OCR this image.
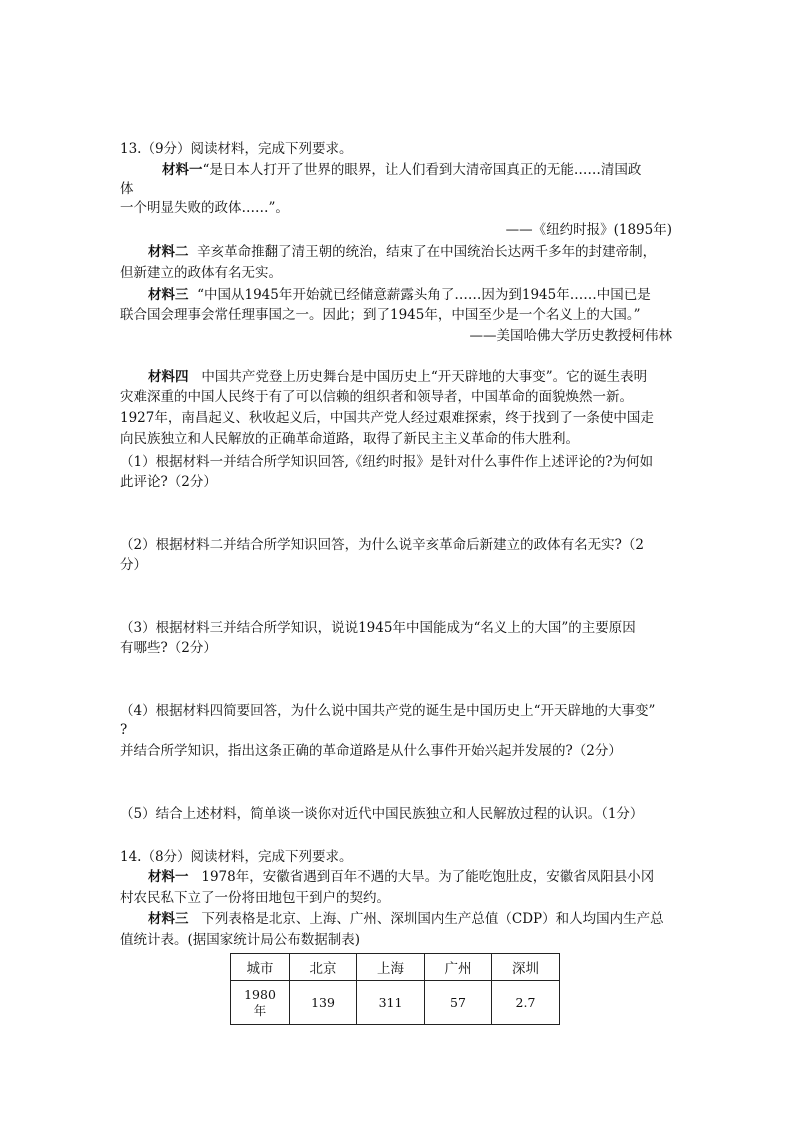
13.（9分）阅读材料，完成下列要求。
材料一“是日本人打开了世界的眼界，让人们看到大清帝国真正的无能……清国政
体
一个明显失败的政体……”。
——《纽约时报》(1895年)
材料二 辛亥革命推翻了清王朝的统治，结束了在中国统治长达两千多年的封建帝制，
但新建立的政体有名无实。
材料三 “中国从1945年开始就已经储意薪露头角了……因为到1945年……中国已是
联合国会理事会常任理事国之一。因此；到了1945年，中国至少是一个名义上的大国。”
——美国哈佛大学历史教授柯伟林
材料四 中国共产党登上历史舞台是中国历史上“开天辟地的大事变”。它的诞生表明
灾难深重的中国人民终于有了可以信赖的组织者和领导者，中国革命的面貌焕然一新。
1927年，南昌起义、秋收起义后，中国共产党人经过艰难探索，终于找到了一条使中国走
向民族独立和人民解放的正确革命道路，取得了新民主主义革命的伟大胜利。
（1）根据材料一并结合所学知识回答,《纽约时报》是针对什么事件作上述评论的?为何如
此评论?（2分）
（2）根据材料二并结合所学知识回答，为什么说辛亥革命后新建立的政体有名无实?（2
分）
（3）根据材料三并结合所学知识，说说1945年中国能成为“名义上的大国”的主要原因
有哪些?（2分）
（4）根据材料四简要回答，为什么说中国共产党的诞生是中国历史上“开天辟地的大事变”
?
并结合所学知识，指出这条正确的革命道路是从什么事件开始兴起并发展的?（2分）
（5）结合上述材料，简单谈一谈你对近代中国民族独立和人民解放过程的认识。（1分）
14.（8分）阅读材料，完成下列要求。
材料一 1978年，安徽省遇到百年不遇的大旱。为了能吃饱肚皮，安徽省凤阳县小冈
村农民私下立了一份将田地包干到户的契约。
材料三 下列表格是北京、上海、广州、深圳国内生产总值（CDP）和人均国内生产总
值统计表。(据国家统计局公布数据制表)
城市	北京	上海	广州	深圳
1980
年	139	311	57	2.7
